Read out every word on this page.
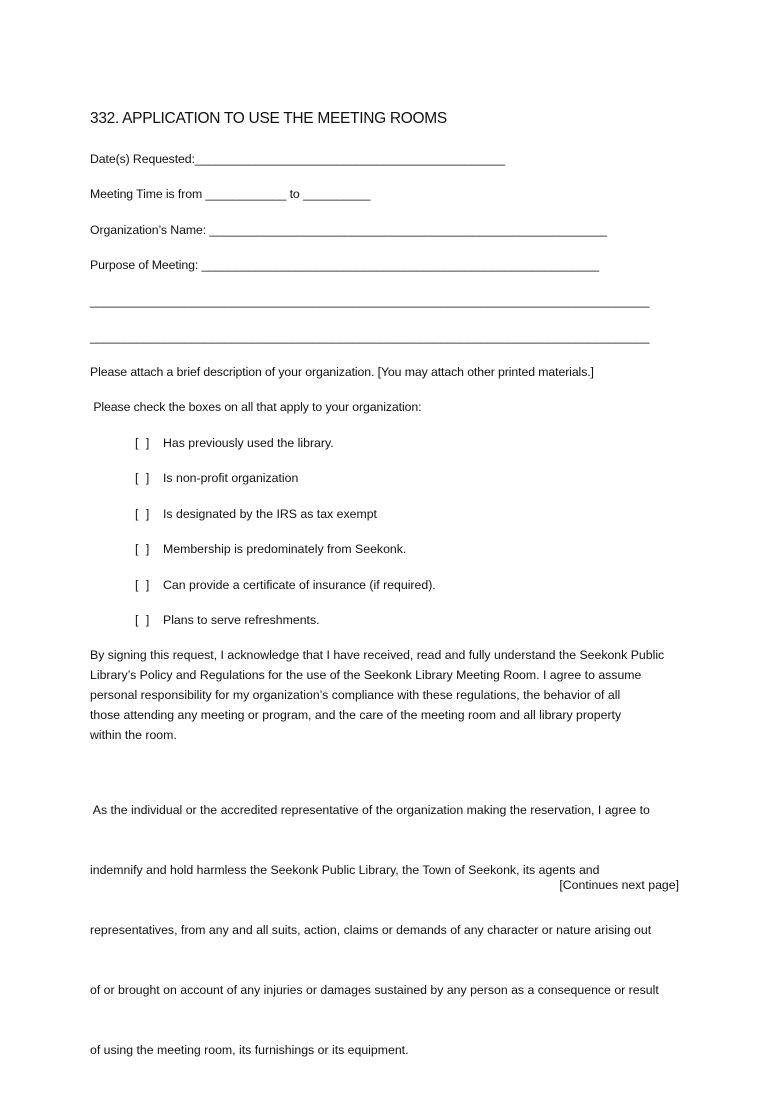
332. APPLICATION TO USE THE MEETING ROOMS
Date(s) Requested:______________________________________________
Meeting Time is from ____________ to __________
Organization’s Name: ___________________________________________________________
Purpose of Meeting: ___________________________________________________________
___________________________________________________________________________________
___________________________________________________________________________________
Please attach a brief description of your organization. [You may attach other printed materials.]
Please check the boxes on all that apply to your organization:
[ ] Has previously used the library.
[ ] Is non-profit organization
[ ] Is designated by the IRS as tax exempt
[ ] Membership is predominately from Seekonk.
[ ] Can provide a certificate of insurance (if required).
[ ] Plans to serve refreshments.
By signing this request, I acknowledge that I have received, read and fully understand the Seekonk Public
Library’s Policy and Regulations for the use of the Seekonk Library Meeting Room. I agree to assume
personal responsibility for my organization’s compliance with these regulations, the behavior of all
those attending any meeting or program, and the care of the meeting room and all library property
within the room.

As the individual or the accredited representative of the organization making the reservation, I agree to

indemnify and hold harmless the Seekonk Public Library, the Town of Seekonk, its agents and

representatives, from any and all suits, action, claims or demands of any character or nature arising out

of or brought on account of any injuries or damages sustained by any person as a consequence or result

of using the meeting room, its furnishings or its equipment.

[Continues next page]
